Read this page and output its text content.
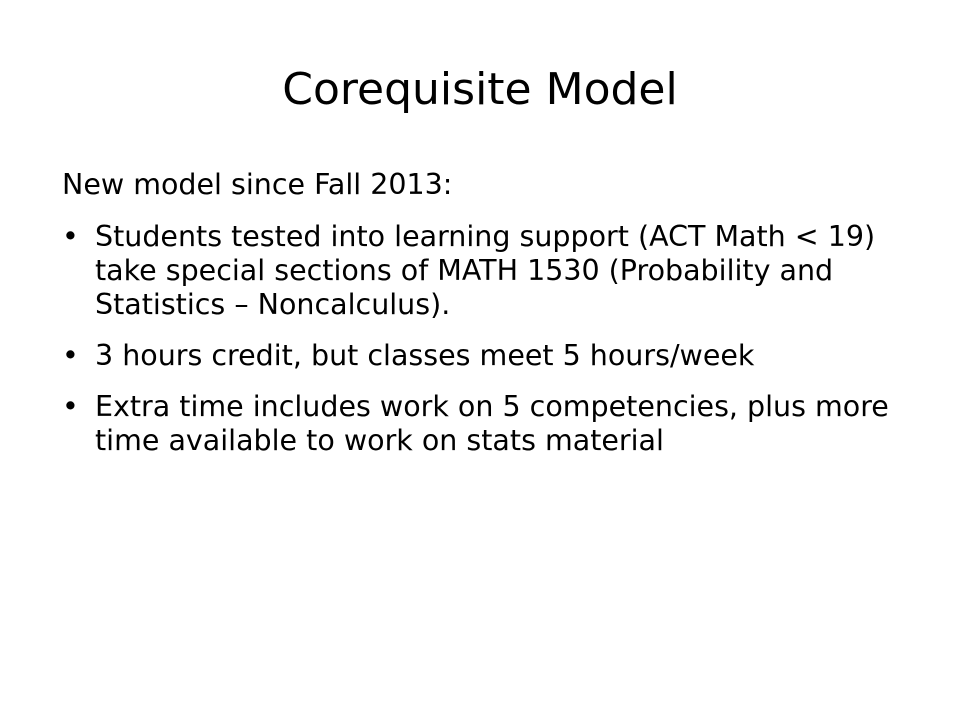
Corequisite Model

New model since Fall 2013:

• Students tested into learning support (ACT Math < 19) take special sections of MATH 1530 (Probability and Statistics – Noncalculus).
• 3 hours credit, but classes meet 5 hours/week
• Extra time includes work on 5 competencies, plus more time available to work on stats material
